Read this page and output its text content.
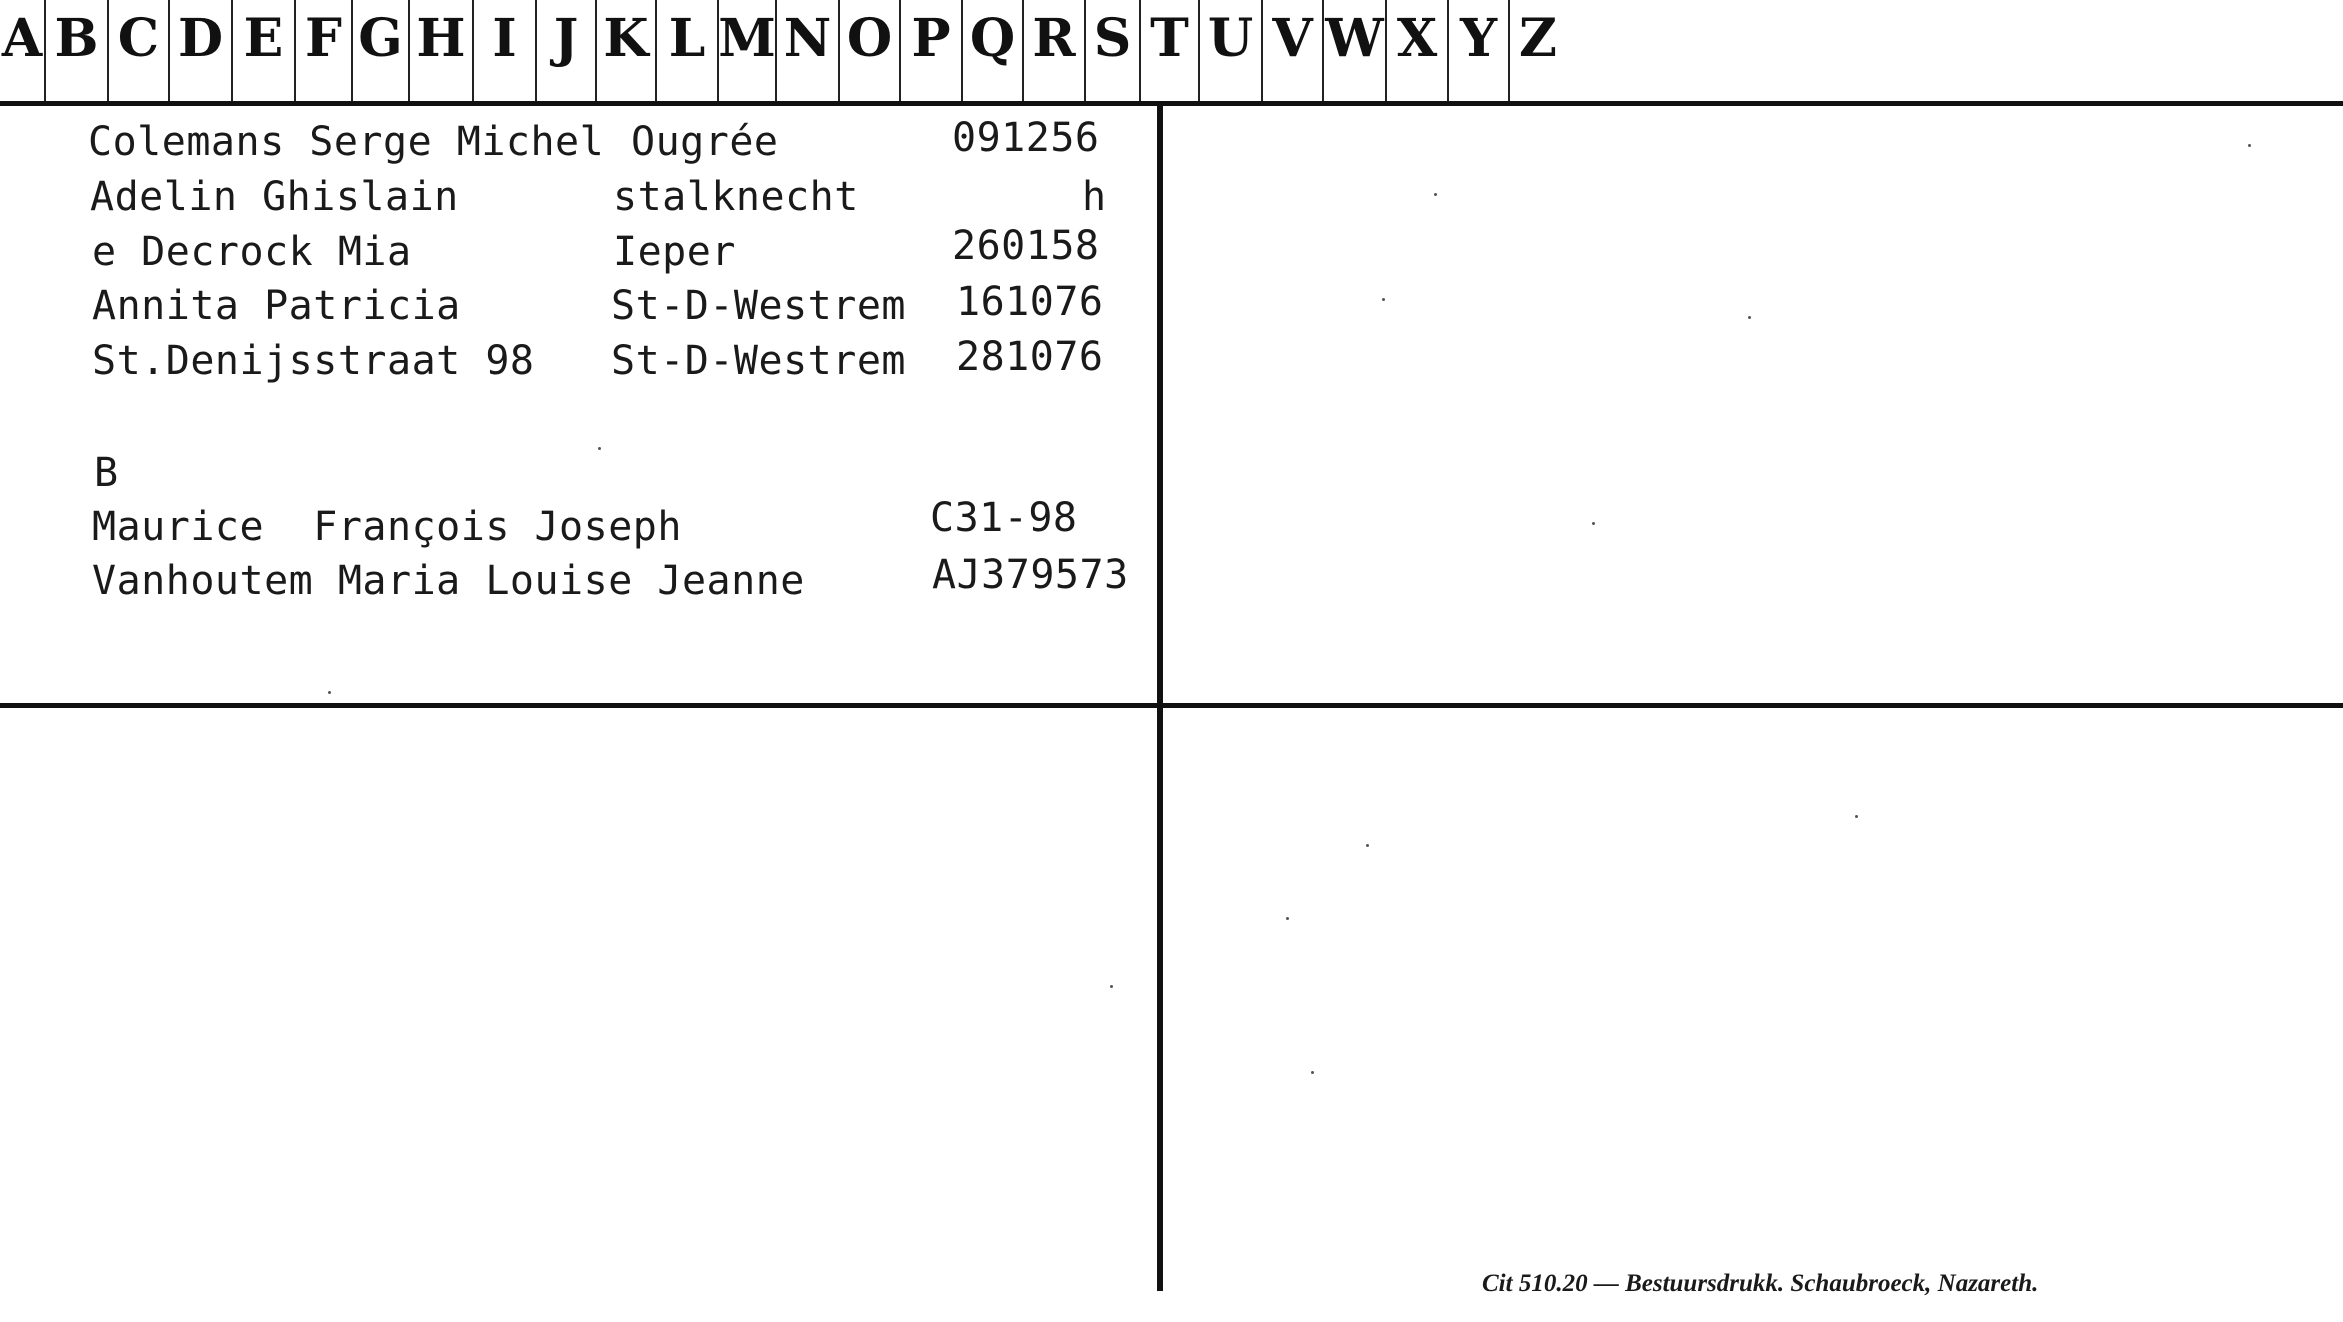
A B C D E F G H I J K L M N O P Q R S T U V W X Y Z
Colemans Serge Michel Ougrée	091256
Adelin Ghislain	stalknecht	h
e Decrock Mia	Ieper	260158
Annita Patricia	St-D-Westrem 161076
St.Denijsstraat 98 St-D-Westrem 281076
B
Maurice  François Joseph	C31-98
Vanhoutem Maria Louise Jeanne	AJ379573
Cit 510.20 — Bestuursdrukk. Schaubroeck, Nazareth.
